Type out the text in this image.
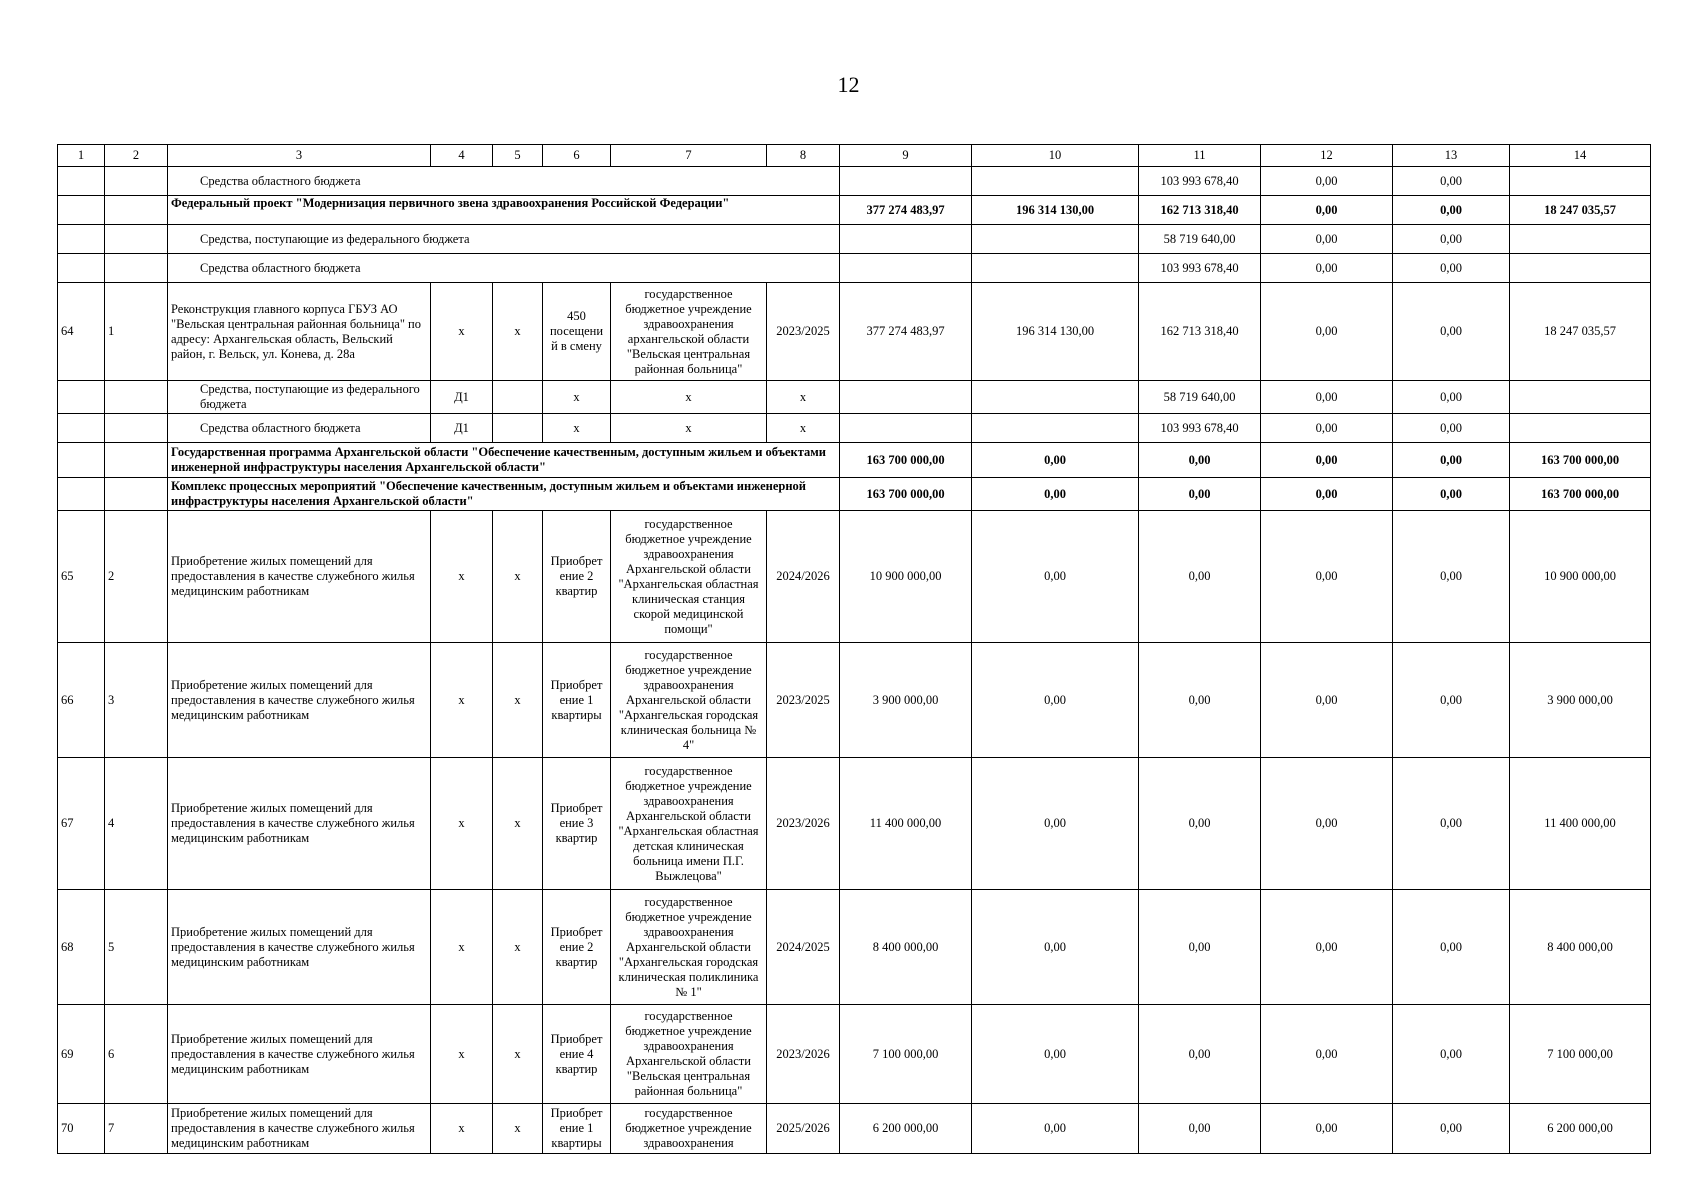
12
1	2	3	4	5	6	7	8	9	10	11	12	13	14
		Средства областного бюджета								103 993 678,40	0,00	0,00	
		Федеральный проект "Модернизация первичного звена здравоохранения Российской Федерации"						377 274 483,97	196 314 130,00	162 713 318,40	0,00	0,00	18 247 035,57
		Средства, поступающие из федерального бюджета								58 719 640,00	0,00	0,00	
		Средства областного бюджета								103 993 678,40	0,00	0,00	
64	1	Реконструкция главного корпуса ГБУЗ АО "Вельская центральная районная больница" по адресу: Архангельская область, Вельский район, г. Вельск, ул. Конева, д. 28а	x	x	450 посещени й в смену	государственное бюджетное учреждение здравоохранения архангельской области "Вельская центральная районная больница"	2023/2025	377 274 483,97	196 314 130,00	162 713 318,40	0,00	0,00	18 247 035,57
		Средства, поступающие из федерального бюджета	Д1		x	x	x			58 719 640,00	0,00	0,00	
		Средства областного бюджета	Д1		x	x	x			103 993 678,40	0,00	0,00	
		Государственная программа Архангельской области "Обеспечение качественным, доступным жильем и объектами инженерной инфраструктуры населения Архангельской области"						163 700 000,00	0,00	0,00	0,00	0,00	163 700 000,00
		Комплекс процессных мероприятий "Обеспечение качественным, доступным жильем и объектами инженерной инфраструктуры населения Архангельской области"						163 700 000,00	0,00	0,00	0,00	0,00	163 700 000,00
65	2	Приобретение жилых помещений для предоставления в качестве служебного жилья медицинским работникам	x	x	Приобрет ение 2 квартир	государственное бюджетное учреждение здравоохранения Архангельской области "Архангельская областная клиническая станция скорой медицинской помощи"	2024/2026	10 900 000,00	0,00	0,00	0,00	0,00	10 900 000,00
66	3	Приобретение жилых помещений для предоставления в качестве служебного жилья медицинским работникам	x	x	Приобрет ение 1 квартиры	государственное бюджетное учреждение здравоохранения Архангельской области "Архангельская городская клиническая больница № 4"	2023/2025	3 900 000,00	0,00	0,00	0,00	0,00	3 900 000,00
67	4	Приобретение жилых помещений для предоставления в качестве служебного жилья медицинским работникам	x	x	Приобрет ение 3 квартир	государственное бюджетное учреждение здравоохранения Архангельской области "Архангельская областная детская клиническая больница имени П.Г. Выжлецова"	2023/2026	11 400 000,00	0,00	0,00	0,00	0,00	11 400 000,00
68	5	Приобретение жилых помещений для предоставления в качестве служебного жилья медицинским работникам	x	x	Приобрет ение 2 квартир	государственное бюджетное учреждение здравоохранения Архангельской области "Архангельская городская клиническая поликлиника № 1"	2024/2025	8 400 000,00	0,00	0,00	0,00	0,00	8 400 000,00
69	6	Приобретение жилых помещений для предоставления в качестве служебного жилья медицинским работникам	x	x	Приобрет ение 4 квартир	государственное бюджетное учреждение здравоохранения Архангельской области "Вельская центральная районная больница"	2023/2026	7 100 000,00	0,00	0,00	0,00	0,00	7 100 000,00
70	7	Приобретение жилых помещений для предоставления в качестве служебного жилья медицинским работникам	x	x	Приобрет ение 1 квартиры	государственное бюджетное учреждение здравоохранения	2025/2026	6 200 000,00	0,00	0,00	0,00	0,00	6 200 000,00
